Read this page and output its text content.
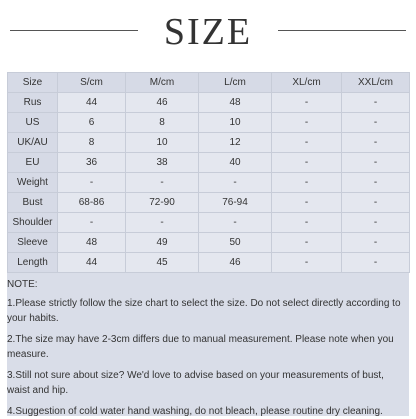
SIZE
Size	S/cm	M/cm	L/cm	XL/cm	XXL/cm
Rus	44	46	48	-	-
US	6	8	10	-	-
UK/AU	8	10	12	-	-
EU	36	38	40	-	-
Weight	-	-	-	-	-
Bust	68-86	72-90	76-94	-	-
Shoulder	-	-	-	-	-
Sleeve	48	49	50	-	-
Length	44	45	46	-	-

NOTE:

1.Please strictly follow the size chart to select the size. Do not select directly according to your habits.

2.The size may have 2-3cm differs due to manual measurement. Please note when you measure.

3.Still not sure about size? We'd love to advise based on your measurements of bust, waist and hip.

4.Suggestion of cold water hand washing, do not bleach, please routine dry cleaning.
